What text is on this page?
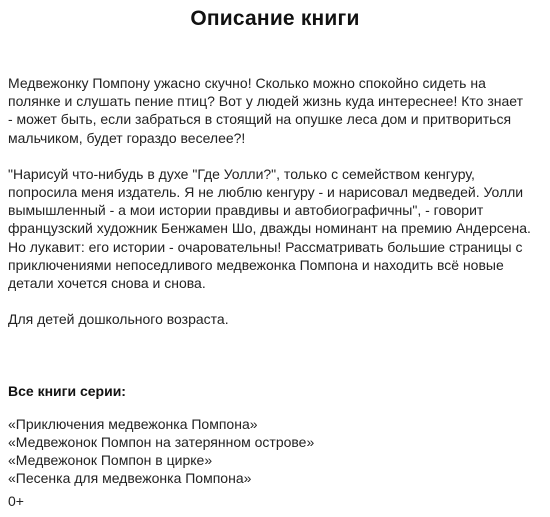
Описание книги

Медвежонку Помпону ужасно скучно! Сколько можно спокойно сидеть на
полянке и слушать пение птиц? Вот у людей жизнь куда интереснее! Кто знает
- может быть, если забраться в стоящий на опушке леса дом и притвориться
мальчиком, будет гораздо веселее?!

"Нарисуй что-нибудь в духе "Где Уолли?", только с семейством кенгуру,
попросила меня издатель. Я не люблю кенгуру - и нарисовал медведей. Уолли
вымышленный - а мои истории правдивы и автобиографичны", - говорит
французский художник Бенжамен Шо, дважды номинант на премию Андерсена.
Но лукавит: его истории - очаровательны! Рассматривать большие страницы с
приключениями непоседливого медвежонка Помпона и находить всё новые
детали хочется снова и снова.

Для детей дошкольного возраста.

Все книги серии:

«Приключения медвежонка Помпона»
«Медвежонок Помпон на затерянном острове»
«Медвежонок Помпон в цирке»
«Песенка для медвежонка Помпона»
0+
